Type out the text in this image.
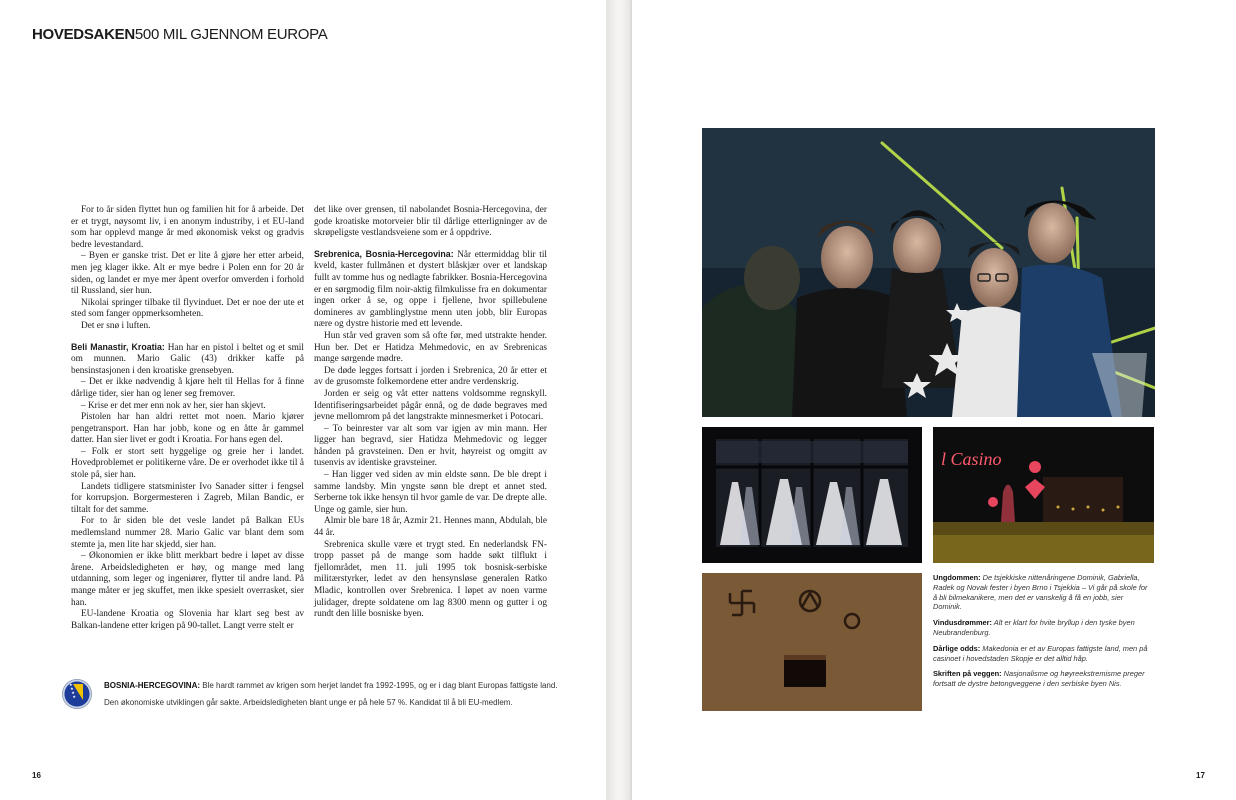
HOVEDSAKEN500 MIL GJENNOM EUROPA

For to år siden flyttet hun og familien hit for å arbeide. Det er et trygt, nøysomt liv, i en anonym industriby, i et EU-land som har opplevd mange år med økonomisk vekst og gradvis bedre levestandard.

– Byen er ganske trist. Det er lite å gjøre her etter arbeid, men jeg klager ikke. Alt er mye bedre i Polen enn for 20 år siden, og landet er mye mer åpent overfor omverden i forhold til Russland, sier hun.

Nikolai springer tilbake til flyvinduet. Det er noe der ute et sted som fanger oppmerksomheten.

Det er snø i luften.

Beli Manastir, Kroatia: Han har en pistol i beltet og et smil om munnen. Mario Galic (43) drikker kaffe på bensinstasjonen i den kroatiske grensebyen.

– Det er ikke nødvendig å kjøre helt til Hellas for å finne dårlige tider, sier han og lener seg fremover.

– Krise er det mer enn nok av her, sier han skjevt.

Pistolen har han aldri rettet mot noen. Mario kjører pengetransport. Han har jobb, kone og en åtte år gammel datter. Han sier livet er godt i Kroatia. For hans egen del.

– Folk er stort sett hyggelige og greie her i landet. Hovedproblemet er politikerne våre. De er overhodet ikke til å stole på, sier han.

Landets tidligere statsminister Ivo Sanader sitter i fengsel for korrupsjon. Borgermesteren i Zagreb, Milan Bandic, er tiltalt for det samme.

For to år siden ble det vesle landet på Balkan EUs medlemsland nummer 28. Mario Galic var blant dem som stemte ja, men lite har skjedd, sier han.

– Økonomien er ikke blitt merkbart bedre i løpet av disse årene. Arbeidsledigheten er høy, og mange med lang utdanning, som leger og ingeniører, flytter til andre land. På mange måter er jeg skuffet, men ikke spesielt overrasket, sier han.

EU-landene Kroatia og Slovenia har klart seg best av Balkan-landene etter krigen på 90-tallet. Langt verre stelt er

det like over grensen, til nabolandet Bosnia-Hercegovina, der gode kroatiske motorveier blir til dårlige etterligninger av de skrøpeligste vestlandsveiene som er å oppdrive.

Srebrenica, Bosnia-Hercegovina: Når ettermiddag blir til kveld, kaster fullmånen et dystert blåskjær over et landskap fullt av tomme hus og nedlagte fabrikker. Bosnia-Hercegovina er en sørgmodig film noir-aktig filmkulisse fra en dokumentar ingen orker å se, og oppe i fjellene, hvor spillebulene domineres av gamblinglystne menn uten jobb, blir Europas nære og dystre historie med ett levende.

Hun står ved graven som så ofte før, med utstrakte hender. Hun ber. Det er Hatidza Mehmedovic, en av Srebrenicas mange sørgende mødre.

De døde legges fortsatt i jorden i Srebrenica, 20 år etter et av de grusomste folkemordene etter andre verdenskrig.

Jorden er seig og våt etter nattens voldsomme regnskyll. Identifiseringsarbeidet pågår ennå, og de døde begraves med jevne mellomrom på det langstrakte minnesmerket i Potocari.

– To beinrester var alt som var igjen av min mann. Her ligger han begravd, sier Hatidza Mehmedovic og legger hånden på gravsteinen. Den er hvit, høyreist og omgitt av tusenvis av identiske gravsteiner.

– Han ligger ved siden av min eldste sønn. De ble drept i samme landsby. Min yngste sønn ble drept et annet sted. Serberne tok ikke hensyn til hvor gamle de var. De drepte alle. Unge og gamle, sier hun.

Almir ble bare 18 år, Azmir 21. Hennes mann, Abdulah, ble 44 år.

Srebrenica skulle være et trygt sted. En nederlandsk FN-tropp passet på de mange som hadde søkt tilflukt i fjellområdet, men 11. juli 1995 tok bosnisk-serbiske militærstyrker, ledet av den hensynsløse generalen Ratko Mladic, kontrollen over Srebrenica. I løpet av noen varme julidager, drepte soldatene om lag 8300 menn og gutter i og rundt den lille bosniske byen.

★
★
★
★
BOSNIA-HERCEGOVINA: Ble hardt rammet av krigen som herjet landet fra 1992-1995, og er i dag blant Europas fattigste land. Den økonomiske utviklingen går sakte. Arbeidsledigheten blant unge er på hele 57 %. Kandidat til å bli EU-medlem.
16	17
l Casino

Ungdommen: De tsjekkiske nittenåringene Dominik, Gabriella, Radek og Novak fester i byen Brno i Tsjekkia – Vi går på skole for å bli bilmekanikere, men det er vanskelig å få en jobb, sier Dominik.

Vindusdrømmer: Alt er klart for hvite bryllup i den tyske byen Neubrandenburg.

Dårlige odds: Makedonia er et av Europas fattigste land, men på casinoet i hovedstaden Skopje er det alltid håp.

Skriften på veggen: Nasjonalisme og høyreekstremisme preger fortsatt de dystre betongveggene i den serbiske byen Nis.
